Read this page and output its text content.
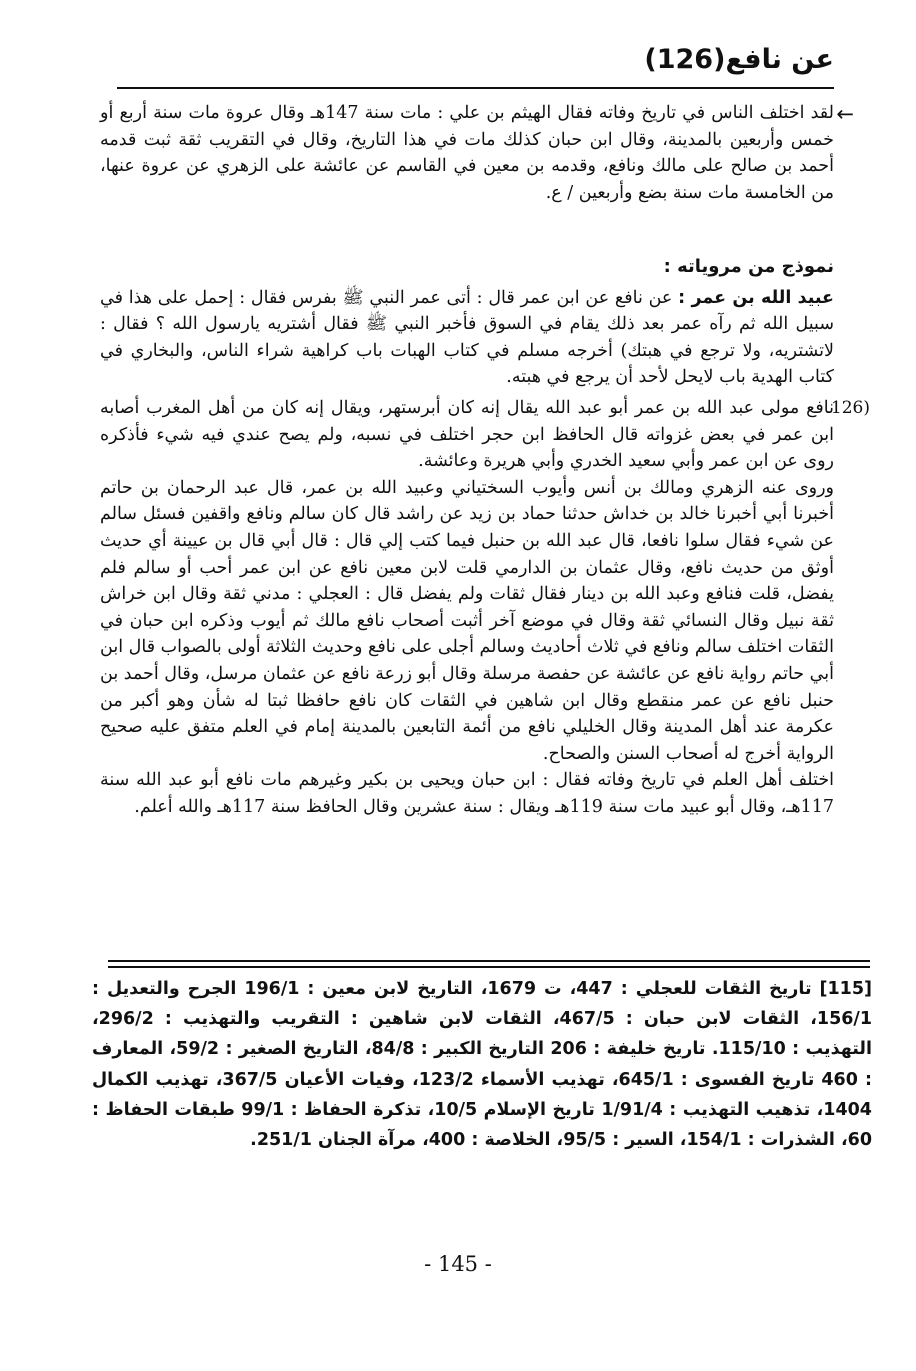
عن نافع(126)
←
لقد اختلف الناس في تاريخ وفاته فقال الهيثم بن علي : مات سنة 147هـ وقال عروة مات سنة أربع أو خمس وأربعين بالمدينة، وقال ابن حبان كذلك مات في هذا التاريخ، وقال في التقريب ثقة ثبت قدمه أحمد بن صالح على مالك ونافع، وقدمه بن معين في القاسم عن عائشة على الزهري عن عروة عنها، من الخامسة مات سنة بضع وأربعين / ع.

نموذج من مروياته :

عبيد الله بن عمر : عن نافع عن ابن عمر قال : أتى عمر النبي ﷺ بفرس فقال : إحمل على هذا في سبيل الله ثم رآه عمر بعد ذلك يقام في السوق فأخبر النبي ﷺ فقال أشتريه يارسول الله ؟ فقال : لاتشتريه، ولا ترجع في هبتك) أخرجه مسلم في كتاب الهبات باب كراهية شراء الناس، والبخاري في كتاب الهدية باب لايحل لأحد أن يرجع في هبته.

126)
نافع مولى عبد الله بن عمر أبو عبد الله يقال إنه كان أبرستهر، ويقال إنه كان من أهل المغرب أصابه ابن عمر في بعض غزواته قال الحافظ ابن حجر اختلف في نسبه، ولم يصح عندي فيه شيء فأذكره روى عن ابن عمر وأبي سعيد الخدري وأبي هريرة وعائشة.

وروى عنه الزهري ومالك بن أنس وأيوب السختياني وعبيد الله بن عمر، قال عبد الرحمان بن حاتم أخبرنا أبي أخبرنا خالد بن خداش حدثنا حماد بن زيد عن راشد قال كان سالم ونافع واقفين فسئل سالم عن شيء فقال سلوا نافعا، قال عبد الله بن حنبل فيما كتب إلي قال : قال أبي قال بن عيينة أي حديث أوثق من حديث نافع، وقال عثمان بن الدارمي قلت لابن معين نافع عن ابن عمر أحب أو سالم فلم يفضل، قلت فنافع وعبد الله بن دينار فقال ثقات ولم يفضل قال : العجلي : مدني ثقة وقال ابن خراش ثقة نبيل وقال النسائي ثقة وقال في موضع آخر أثبت أصحاب نافع مالك ثم أيوب وذكره ابن حبان في الثقات اختلف سالم ونافع في ثلاث أحاديث وسالم أجلى على نافع وحديث الثلاثة أولى بالصواب قال ابن أبي حاتم رواية نافع عن عائشة عن حفصة مرسلة وقال أبو زرعة نافع عن عثمان مرسل، وقال أحمد بن حنبل نافع عن عمر منقطع وقال ابن شاهين في الثقات كان نافع حافظا ثبتا له شأن وهو أكبر من عكرمة عند أهل المدينة وقال الخليلي نافع من أئمة التابعين بالمدينة إمام في العلم متفق عليه صحيح الرواية أخرج له أصحاب السنن والصحاح.

اختلف أهل العلم في تاريخ وفاته فقال : ابن حبان ويحيى بن بكير وغيرهم مات نافع أبو عبد الله سنة 117هـ، وقال أبو عبيد مات سنة 119هـ ويقال : سنة عشرين وقال الحافظ سنة 117هـ والله أعلم.

[115] تاريخ الثقات للعجلي : 447، ت 1679، التاريخ لابن معين : 196/1 الجرح والتعديل : 156/1، الثقات لابن حبان : 467/5، الثقات لابن شاهين : التقريب والتهذيب : 296/2، التهذيب : 115/10. تاريخ خليفة : 206 التاريخ الكبير : 84/8، التاريخ الصغير : 59/2، المعارف : 460 تاريخ الفسوى : 645/1، تهذيب الأسماء 123/2، وفيات الأعيان 367/5، تهذيب الكمال 1404، تذهيب التهذيب : 1/91/4 تاريخ الإسلام 10/5، تذكرة الحفاظ : 99/1 طبقات الحفاظ : 60، الشذرات : 154/1، السير : 95/5، الخلاصة : 400، مرآة الجنان 251/1.
- 145 -
